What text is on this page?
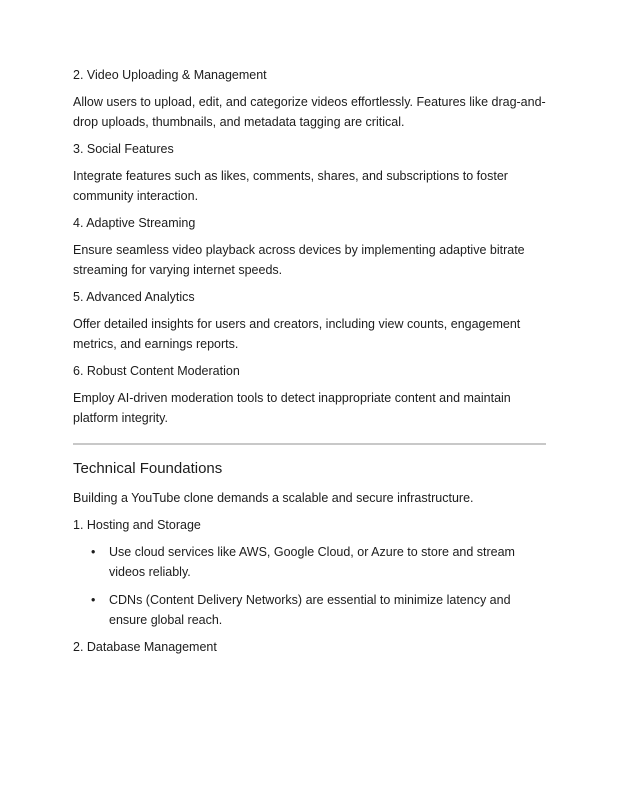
2. Video Uploading & Management
Allow users to upload, edit, and categorize videos effortlessly. Features like drag-and-drop uploads, thumbnails, and metadata tagging are critical.
3. Social Features
Integrate features such as likes, comments, shares, and subscriptions to foster community interaction.
4. Adaptive Streaming
Ensure seamless video playback across devices by implementing adaptive bitrate streaming for varying internet speeds.
5. Advanced Analytics
Offer detailed insights for users and creators, including view counts, engagement metrics, and earnings reports.
6. Robust Content Moderation
Employ AI-driven moderation tools to detect inappropriate content and maintain platform integrity.
Technical Foundations
Building a YouTube clone demands a scalable and secure infrastructure.
1. Hosting and Storage
• Use cloud services like AWS, Google Cloud, or Azure to store and stream videos reliably.
• CDNs (Content Delivery Networks) are essential to minimize latency and ensure global reach.
2. Database Management
